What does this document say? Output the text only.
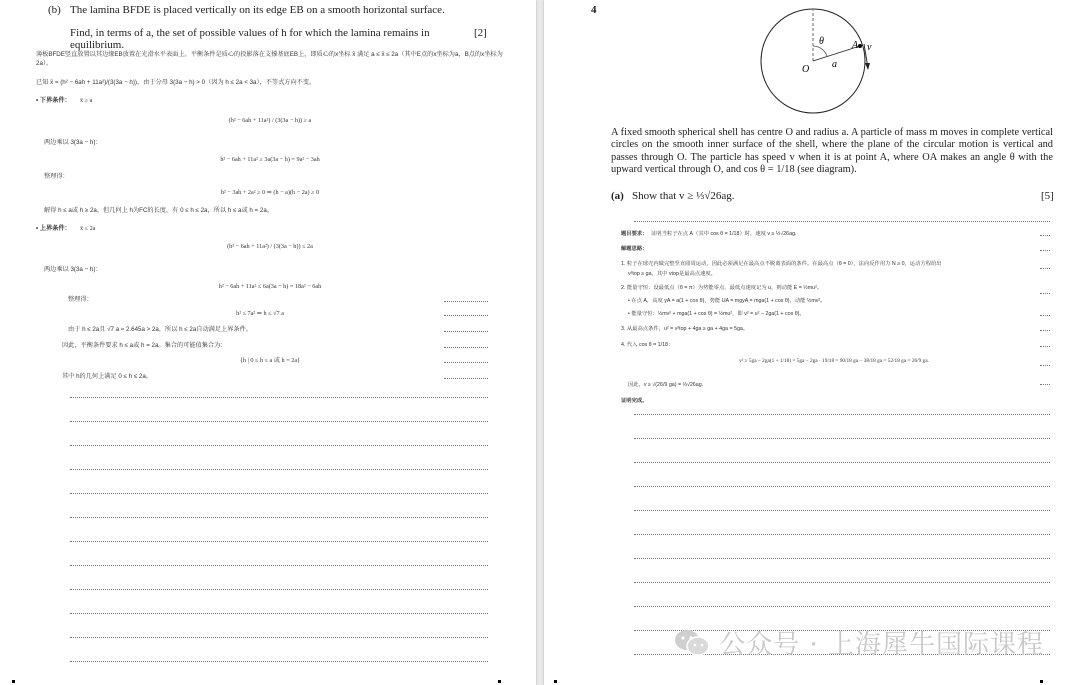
(b) The lamina BFDE is placed vertically on its edge EB on a smooth horizontal surface.
Find, in terms of a, the set of possible values of h for which the lamina remains in equilibrium.
[2]
薄板BFDE竖直放置以其边缘EB放置在光滑水平表面上。平衡条件是质心的投影落在支撑基底EB上，即质心的x坐标 x̄ 满足 a ≤ x̄ ≤ 2a（其中E点的x坐标为a，B点的x坐标为2a）。
已知 x̄ = (h² − 6ah + 11a²)/(3(3a − h))，由于分母 3(3a − h) > 0（因为 h ≤ 2a < 3a），不等式方向不变。
• 下界条件： x̄ ≥ a
(h² − 6ah + 11a²) / (3(3a − h)) ≥ a
两边乘以 3(3a − h)：
h² − 6ah + 11a² ≥ 3a(3a − h) = 9a² − 3ah
整理得：
h² − 3ah + 2a² ≥ 0 ⇒ (h − a)(h − 2a) ≥ 0
解得 h ≤ a或 h ≥ 2a。但几何上 h为FC的长度，有 0 ≤ h ≤ 2a，所以 h ≤ a或 h = 2a。
• 上界条件： x̄ ≤ 2a
(h² − 6ah + 11a²) / (3(3a − h)) ≤ 2a
两边乘以 3(3a − h)：
h² − 6ah + 11a² ≤ 6a(3a − h) = 18a² − 6ah
整理得：
h² ≤ 7a² ⇒ h ≤ √7 a
由于 h ≤ 2a且 √7 a ≈ 2.645a > 2a，所以 h ≤ 2a自动满足上界条件。
因此，平衡条件要求 h ≤ a或 h = 2a。集合的可能值集合为：
{h | 0 ≤ h ≤ a 或 h = 2a}
其中 h的几何上满足 0 ≤ h ≤ 2a。
4
θ	A v
O a
A fixed smooth spherical shell has centre O and radius a. A particle of mass m moves in complete vertical circles on the smooth inner surface of the shell, where the plane of the circular motion is vertical and passes through O. The particle has speed v when it is at point A, where OA makes an angle θ with the upward vertical through O, and cos θ = 1/18 (see diagram).
(a) Show that v ≥ ⅓√26ag.	[5]
题目要求： 证明当粒子在点 A（其中 cos θ = 1/18）时，速度 v ≥ ⅓√26ag.
解题思路：
1. 粒子在球壳内做完整竖直圆周运动，因此必须满足在最高点不脱离表面的条件。在最高点（θ = 0），法向反作用力 N ≥ 0，运动方程给出
v²top ≥ ga，其中 vtop是最高点速度。
2. 能量守恒：设最低点（θ = π）为势能零点，最低点速度记为 u，则动能 E = ½mu²。
• 在点 A，高度 yA = a(1 + cos θ)，势能 UA = mgyA = mga(1 + cos θ)，动能 ½mv²。
• 能量守恒：½mv² + mga(1 + cos θ) = ½mu²，即 v² = u² − 2ga(1 + cos θ)。
3. 从最高点条件，u² = v²top + 4ga ≥ ga + 4ga = 5ga。
4. 代入 cos θ = 1/18：
v² ≥ 5ga − 2ga(1 + 1/18) = 5ga − 2ga · 19/18 = 90/18 ga − 38/18 ga = 52/18 ga = 26/9 ga.
因此，v ≥ √(26/9 ga) = ⅓√26ag.
证明完成。
公众号 · 上海犀牛国际课程
